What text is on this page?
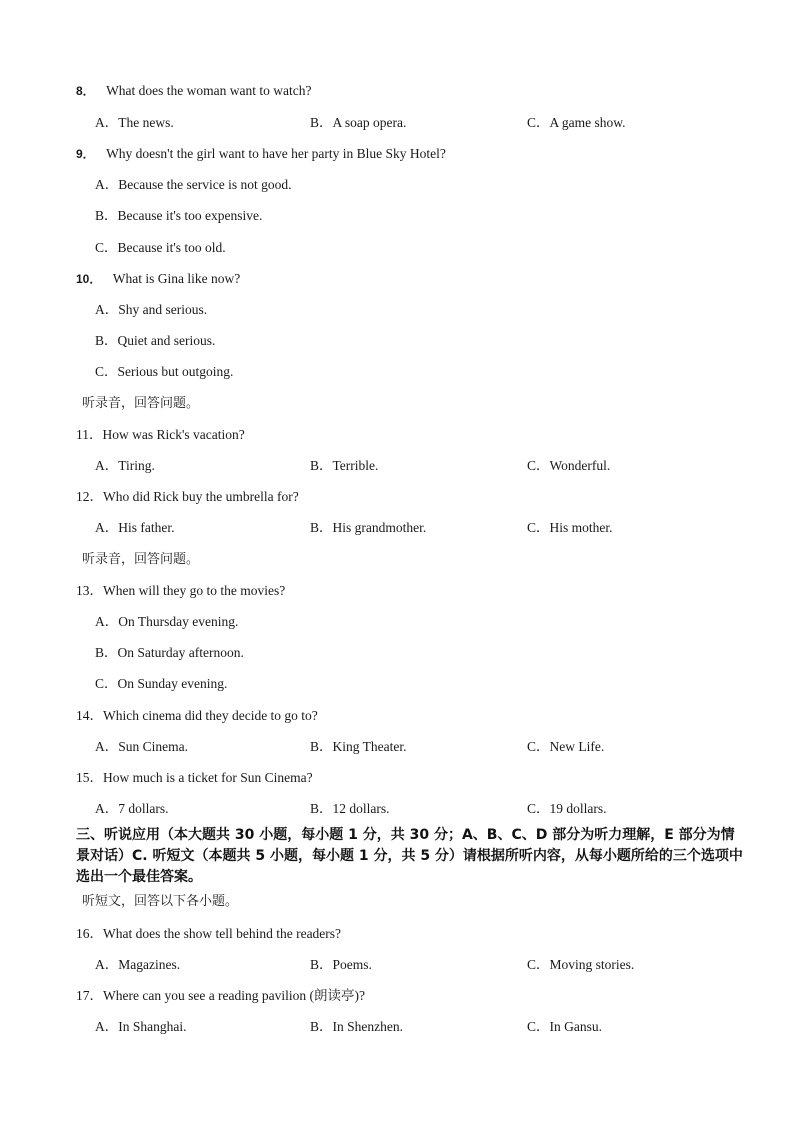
8． What does the woman want to watch?
A．The news.	B．A soap opera.	C．A game show.
9． Why doesn't the girl want to have her party in Blue Sky Hotel?
A．Because the service is not good.
B．Because it's too expensive.
C．Because it's too old.
10． What is Gina like now?
A．Shy and serious.
B．Quiet and serious.
C．Serious but outgoing.
听录音，回答问题。
11．How was Rick's vacation?
A．Tiring.	B．Terrible.	C．Wonderful.
12．Who did Rick buy the umbrella for?
A．His father.	B．His grandmother.	C．His mother.
听录音，回答问题。
13．When will they go to the movies?
A．On Thursday evening.
B．On Saturday afternoon.
C．On Sunday evening.
14．Which cinema did they decide to go to?
A．Sun Cinema.	B．King Theater.	C．New Life.
15．How much is a ticket for Sun Cinema?
A．7 dollars.	B．12 dollars.	C．19 dollars.
三、听说应用（本大题共 30 小题，每小题 1 分，共 30 分；A、B、C、D 部分为听力理解，E 部分为情景对话）C. 听短文（本题共 5 小题，每小题 1 分，共 5 分）请根据所听内容，从每小题所给的三个选项中选出一个最佳答案。
听短文，回答以下各小题。
16．What does the show tell behind the readers?
A．Magazines.	B．Poems.	C．Moving stories.
17．Where can you see a reading pavilion (朗读亭)?
A．In Shanghai.	B．In Shenzhen.	C．In Gansu.
